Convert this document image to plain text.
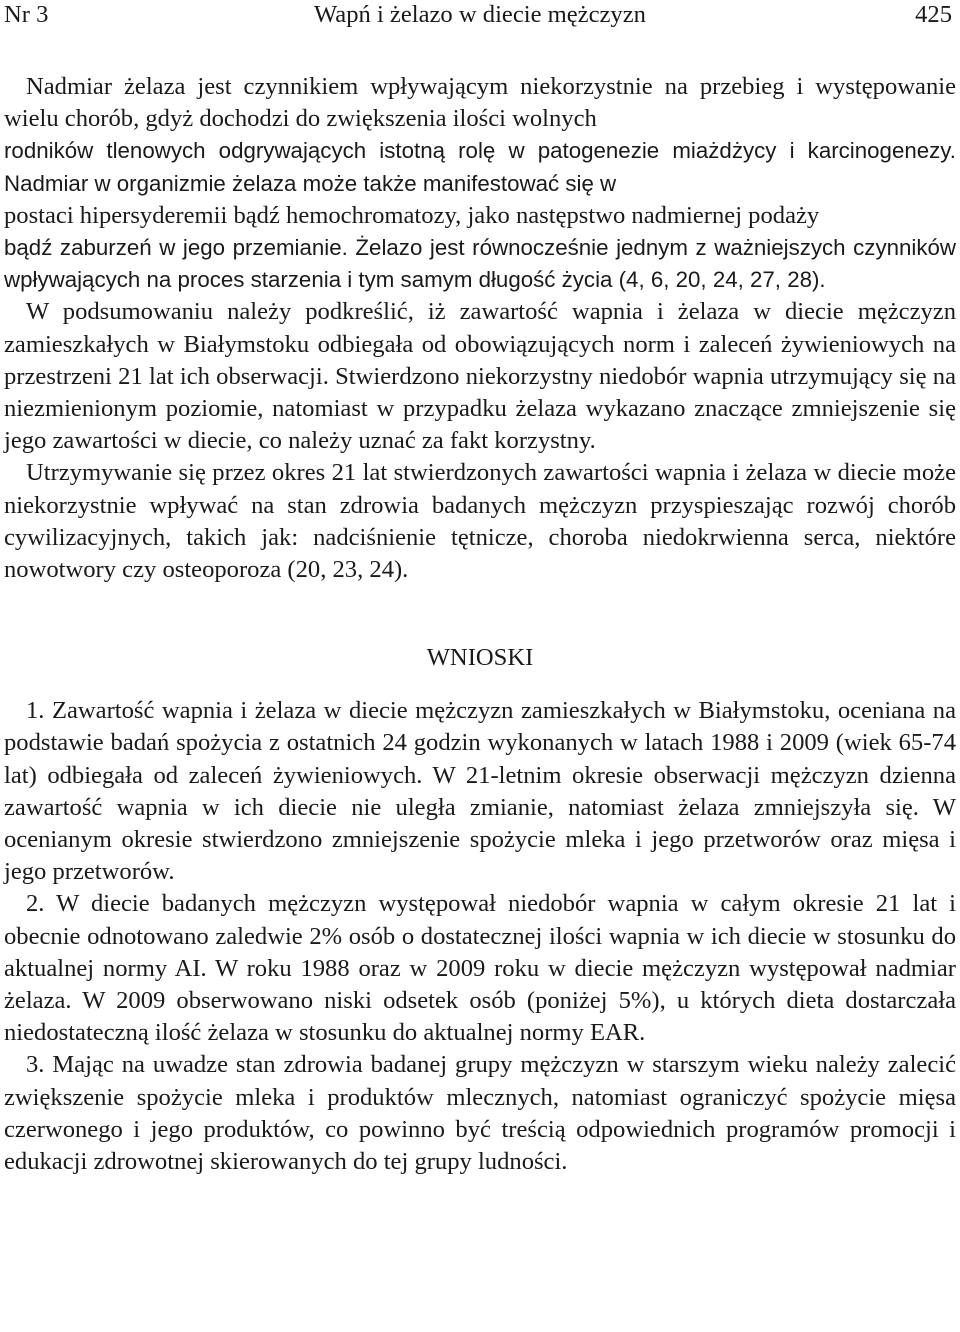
Nr 3	Wapń i żelazo w diecie mężczyzn	425

Nadmiar żelaza jest czynnikiem wpływającym niekorzystnie na przebieg i występowanie wielu chorób, gdyż dochodzi do zwiększenia ilości wolnych

rodników tlenowych odgrywających istotną rolę w patogenezie miażdżycy i karcinogenezy. Nadmiar w organizmie żelaza może także manifestować się w

postaci hipersyderemii bądź hemochromatozy, jako następstwo nadmiernej podaży

bądź zaburzeń w jego przemianie. Żelazo jest równocześnie jednym z ważniejszych czynników wpływających na proces starzenia i tym samym długość życia (4, 6, 20, 24, 27, 28).

W podsumowaniu należy podkreślić, iż zawartość wapnia i żelaza w diecie mężczyzn zamieszkałych w Białymstoku odbiegała od obowiązujących norm i zaleceń żywieniowych na przestrzeni 21 lat ich obserwacji. Stwierdzono niekorzystny niedobór wapnia utrzymujący się na niezmienionym poziomie, natomiast w przypadku żelaza wykazano znaczące zmniejszenie się jego zawartości w diecie, co należy uznać za fakt korzystny.

Utrzymywanie się przez okres 21 lat stwierdzonych zawartości wapnia i żelaza w diecie może niekorzystnie wpływać na stan zdrowia badanych mężczyzn przyspieszając rozwój chorób cywilizacyjnych, takich jak: nadciśnienie tętnicze, choroba niedokrwienna serca, niektóre nowotwory czy osteoporoza (20, 23, 24).

WNIOSKI

1. Zawartość wapnia i żelaza w diecie mężczyzn zamieszkałych w Białymstoku, oceniana na podstawie badań spożycia z ostatnich 24 godzin wykonanych w latach 1988 i 2009 (wiek 65-74 lat) odbiegała od zaleceń żywieniowych. W 21-letnim okresie obserwacji mężczyzn dzienna zawartość wapnia w ich diecie nie uległa zmianie, natomiast żelaza zmniejszyła się. W ocenianym okresie stwierdzono zmniejszenie spożycie mleka i jego przetworów oraz mięsa i jego przetworów.

2. W diecie badanych mężczyzn występował niedobór wapnia w całym okresie 21 lat i obecnie odnotowano zaledwie 2% osób o dostatecznej ilości wapnia w ich diecie w stosunku do aktualnej normy AI. W roku 1988 oraz w 2009 roku w diecie mężczyzn występował nadmiar żelaza. W 2009 obserwowano niski odsetek osób (poniżej 5%), u których dieta dostarczała niedostateczną ilość żelaza w stosunku do aktualnej normy EAR.

3. Mając na uwadze stan zdrowia badanej grupy mężczyzn w starszym wieku należy zalecić zwiększenie spożycie mleka i produktów mlecznych, natomiast ograniczyć spożycie mięsa czerwonego i jego produktów, co powinno być treścią odpowiednich programów promocji i edukacji zdrowotnej skierowanych do tej grupy ludności.
